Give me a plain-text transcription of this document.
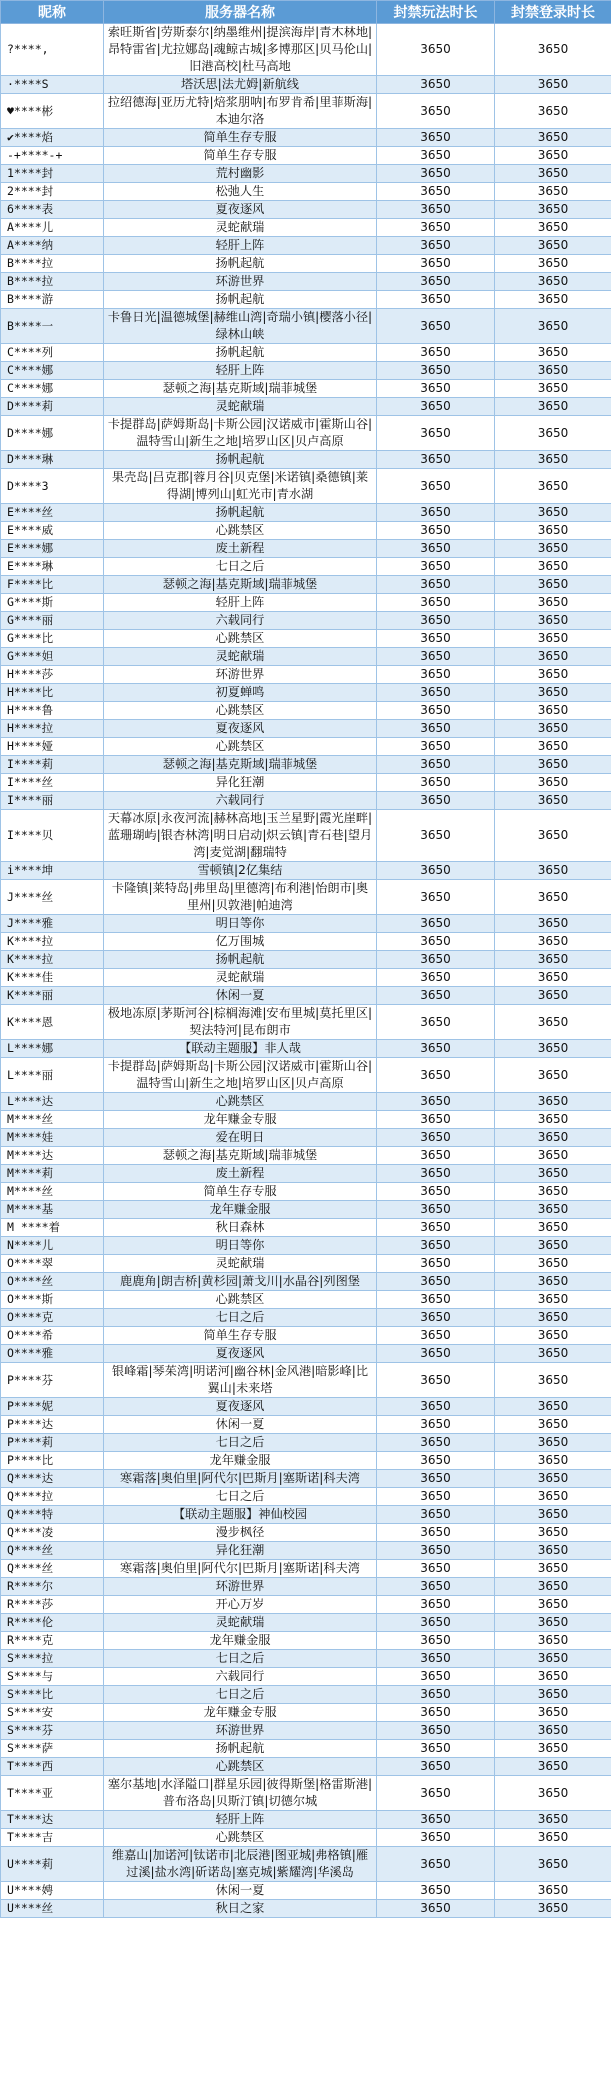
昵称	服务器名称	封禁玩法时长	封禁登录时长
?****‚	索旺斯省|劳斯泰尔|纳墨维州|提滨海岸|青木林地|昂特雷省|尤拉娜岛|魂鲸古城|多博那区|贝马伦山|旧港高校|杜马高地	3650	3650
·****S	塔沃思|法尤姆|新航线	3650	3650
♥****彬	拉绍德海|亚历尤特|焙浆朋呐|布罗肯希|里菲斯海|本迪尔洛	3650	3650
✔****焰	简单生存专服	3650	3650
-+****-+	简单生存专服	3650	3650
1****封	荒村幽影	3650	3650
2****封	松弛人生	3650	3650
6****表	夏夜逐风	3650	3650
A****儿	灵蛇献瑞	3650	3650
A****纳	轻肝上阵	3650	3650
B****拉	扬帆起航	3650	3650
B****拉	环游世界	3650	3650
B****游	扬帆起航	3650	3650
B****一	卡鲁日光|温德城堡|赫维山湾|奇瑞小镇|樱落小径|绿林山峡	3650	3650
C****列	扬帆起航	3650	3650
C****娜	轻肝上阵	3650	3650
C****娜	瑟顿之海|基克斯域|瑞菲城堡	3650	3650
D****莉	灵蛇献瑞	3650	3650
D****娜	卡提群岛|萨姆斯岛|卡斯公园|汉诺威市|霍斯山谷|温特雪山|新生之地|培罗山区|贝卢高原	3650	3650
D****琳	扬帆起航	3650	3650
D****3	果壳岛|吕克郡|蓉月谷|贝克堡|米诺镇|桑德镇|莱得湖|博列山|虹光市|青水湖	3650	3650
E****丝	扬帆起航	3650	3650
E****威	心跳禁区	3650	3650
E****娜	废土新程	3650	3650
E****琳	七日之后	3650	3650
F****比	瑟顿之海|基克斯域|瑞菲城堡	3650	3650
G****斯	轻肝上阵	3650	3650
G****丽	六载同行	3650	3650
G****比	心跳禁区	3650	3650
G****妲	灵蛇献瑞	3650	3650
H****莎	环游世界	3650	3650
H****比	初夏蝉鸣	3650	3650
H****鲁	心跳禁区	3650	3650
H****拉	夏夜逐风	3650	3650
H****娅	心跳禁区	3650	3650
I****莉	瑟顿之海|基克斯域|瑞菲城堡	3650	3650
I****丝	异化狂潮	3650	3650
I****丽	六载同行	3650	3650
I****贝	天幕冰原|永夜河流|赫林高地|玉兰星野|霞光崖畔|蓝珊瑚屿|银杏林湾|明日启动|炽云镇|青石巷|望月湾|麦觉湖|翻瑞特	3650	3650
i****坤	雪顿镇|2亿集结	3650	3650
J****丝	卡隆镇|莱特岛|弗里岛|里德湾|布利港|怡朗市|奥里州|贝敦港|帕迪湾	3650	3650
J****雅	明日等你	3650	3650
K****拉	亿万围城	3650	3650
K****拉	扬帆起航	3650	3650
K****佳	灵蛇献瑞	3650	3650
K****丽	休闲一夏	3650	3650
K****恩	极地冻原|茅斯河谷|棕榈海滩|安布里城|莫托里区|契法特河|昆布朗市	3650	3650
L****娜	【联动主题服】非人哉	3650	3650
L****丽	卡提群岛|萨姆斯岛|卡斯公园|汉诺威市|霍斯山谷|温特雪山|新生之地|培罗山区|贝卢高原	3650	3650
L****达	心跳禁区	3650	3650
M****丝	龙年赚金专服	3650	3650
M****娃	爱在明日	3650	3650
M****达	瑟顿之海|基克斯域|瑞菲城堡	3650	3650
M****莉	废土新程	3650	3650
M****丝	简单生存专服	3650	3650
M****基	龙年赚金服	3650	3650
M ****着	秋日森林	3650	3650
N****儿	明日等你	3650	3650
O****翠	灵蛇献瑞	3650	3650
O****丝	鹿鹿角|朗吉桥|黄杉园|萧戈川|水晶谷|列图堡	3650	3650
O****斯	心跳禁区	3650	3650
O****克	七日之后	3650	3650
O****希	简单生存专服	3650	3650
O****雅	夏夜逐风	3650	3650
P****芬	银峰霜|琴茱湾|明诺河|幽谷林|金风港|暗影峰|比翼山|未来塔	3650	3650
P****妮	夏夜逐风	3650	3650
P****达	休闲一夏	3650	3650
P****莉	七日之后	3650	3650
P****比	龙年赚金服	3650	3650
Q****达	寒霜落|奥伯里|阿代尔|巴斯月|塞斯诺|科夫湾	3650	3650
Q****拉	七日之后	3650	3650
Q****特	【联动主题服】神仙校园	3650	3650
Q****凌	漫步枫径	3650	3650
Q****丝	异化狂潮	3650	3650
Q****丝	寒霜落|奥伯里|阿代尔|巴斯月|塞斯诺|科夫湾	3650	3650
R****尔	环游世界	3650	3650
R****莎	开心万岁	3650	3650
R****伦	灵蛇献瑞	3650	3650
R****克	龙年赚金服	3650	3650
S****拉	七日之后	3650	3650
S****与	六载同行	3650	3650
S****比	七日之后	3650	3650
S****安	龙年赚金专服	3650	3650
S****芬	环游世界	3650	3650
S****萨	扬帆起航	3650	3650
T****西	心跳禁区	3650	3650
T****亚	塞尔基地|水泽隘口|群星乐园|彼得斯堡|格雷斯港|普布洛岛|贝斯汀镇|切德尔城	3650	3650
T****达	轻肝上阵	3650	3650
T****吉	心跳禁区	3650	3650
U****莉	维嘉山|加诺河|钛诺市|北辰港|图亚城|弗格镇|雁过溪|盐水湾|斫诺岛|塞克城|紫耀湾|华溪岛	3650	3650
U****娉	休闲一夏	3650	3650
U****丝	秋日之家	3650	3650
